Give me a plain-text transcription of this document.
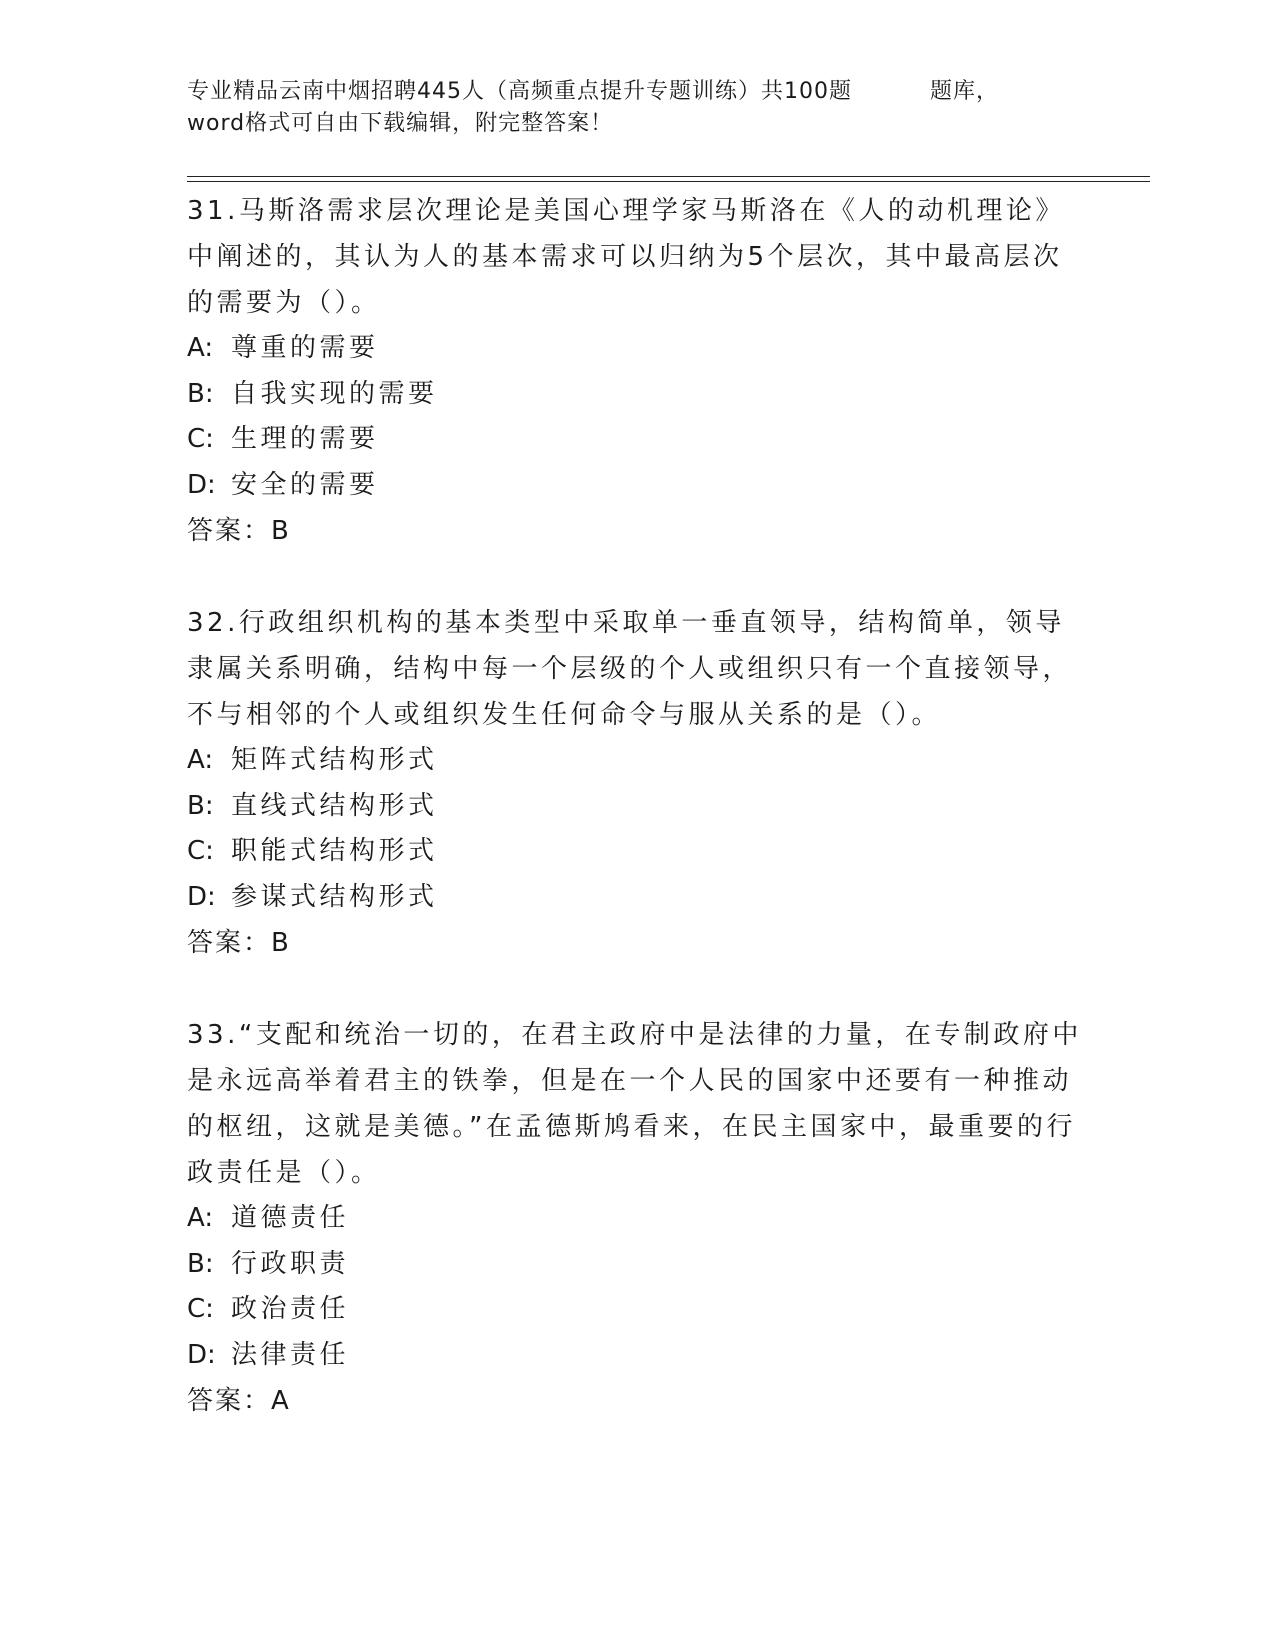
专业精品云南中烟招聘445人（高频重点提升专题训练）共100题	题库，
word格式可自由下载编辑，附完整答案！

31.马斯洛需求层次理论是美国心理学家马斯洛在《人的动机理论》中阐述的，其认为人的基本需求可以归纳为5个层次，其中最高层次的需要为（）。

A: 尊重的需要

B: 自我实现的需要

C: 生理的需要

D: 安全的需要

答案：B

32.行政组织机构的基本类型中采取单一垂直领导，结构简单，领导隶属关系明确，结构中每一个层级的个人或组织只有一个直接领导，不与相邻的个人或组织发生任何命令与服从关系的是（）。

A: 矩阵式结构形式

B: 直线式结构形式

C: 职能式结构形式

D: 参谋式结构形式

答案：B

33.“支配和统治一切的，在君主政府中是法律的力量，在专制政府中是永远高举着君主的铁拳，但是在一个人民的国家中还要有一种推动的枢纽，这就是美德。”在孟德斯鸠看来，在民主国家中，最重要的行政责任是（）。

A: 道德责任

B: 行政职责

C: 政治责任

D: 法律责任

答案：A
